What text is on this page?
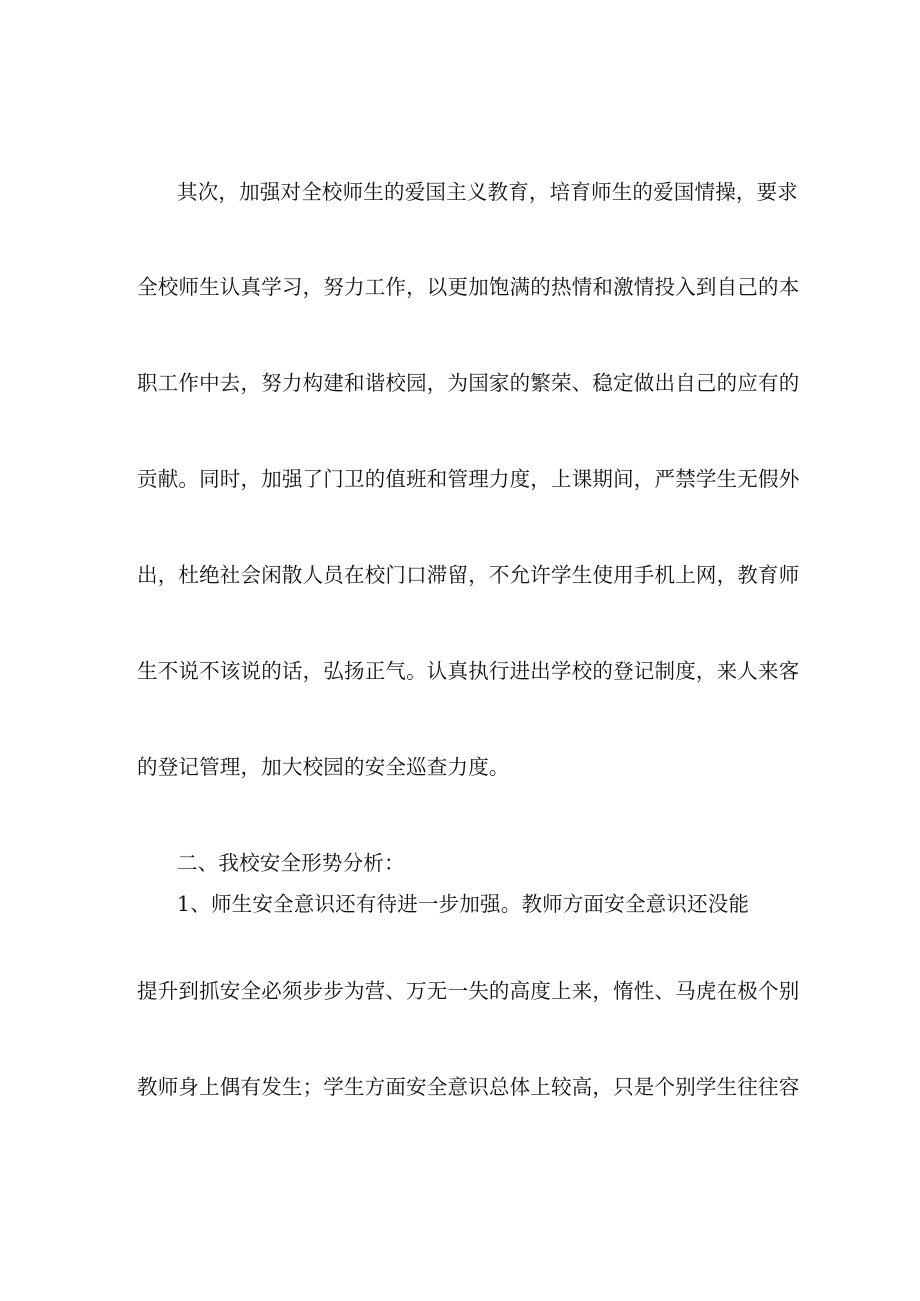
其次，加强对全校师生的爱国主义教育，培育师生的爱国情操，要求
全校师生认真学习，努力工作，以更加饱满的热情和激情投入到自己的本
职工作中去，努力构建和谐校园，为国家的繁荣、稳定做出自己的应有的
贡献。同时，加强了门卫的值班和管理力度，上课期间，严禁学生无假外
出，杜绝社会闲散人员在校门口滞留，不允许学生使用手机上网，教育师
生不说不该说的话，弘扬正气。认真执行进出学校的登记制度，来人来客
的登记管理，加大校园的安全巡查力度。
二、我校安全形势分析：
1、师生安全意识还有待进一步加强。教师方面安全意识还没能
提升到抓安全必须步步为营、万无一失的高度上来，惰性、马虎在极个别
教师身上偶有发生；学生方面安全意识总体上较高，只是个别学生往往容
